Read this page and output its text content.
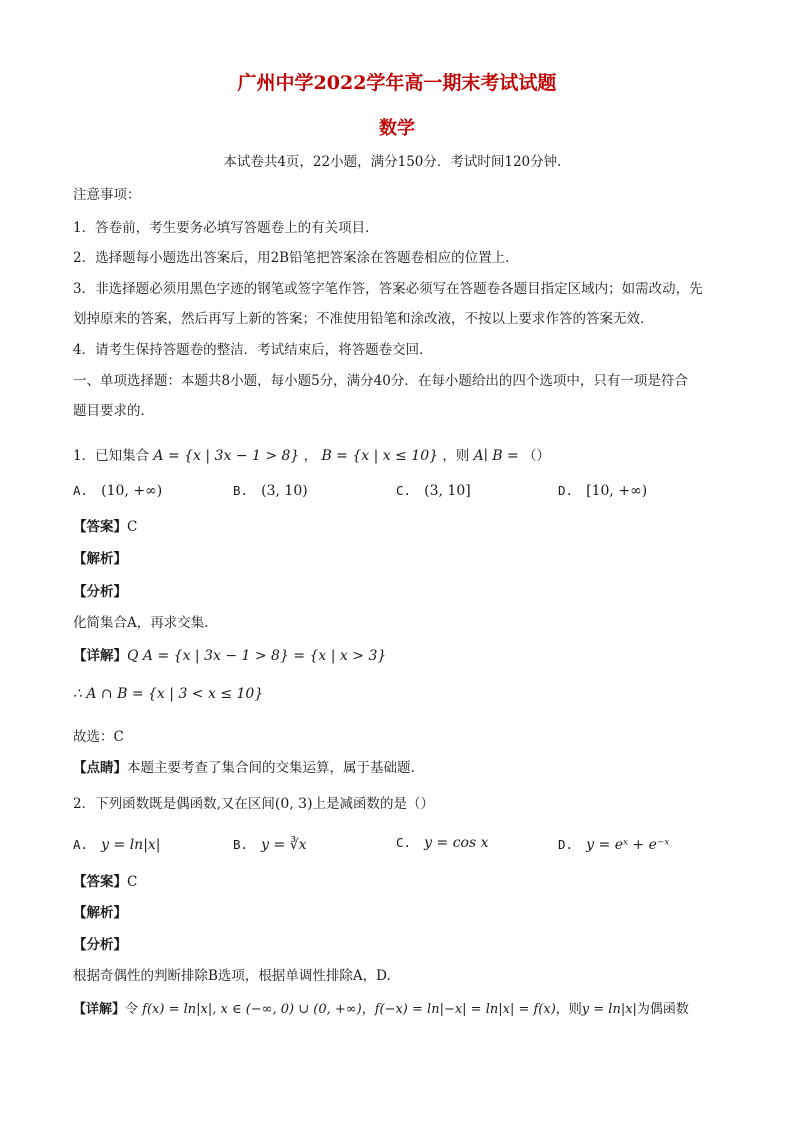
广州中学2022学年高一期末考试试题
数学
本试卷共4页，22小题，满分150分．考试时间120分钟．
注意事项：
1．答卷前，考生要务必填写答题卷上的有关项目．
2．选择题每小题选出答案后，用2B铅笔把答案涂在答题卷相应的位置上．
3．非选择题必须用黑色字迹的钢笔或签字笔作答，答案必须写在答题卷各题目指定区域内；如需改动，先
划掉原来的答案，然后再写上新的答案；不准使用铅笔和涂改液，不按以上要求作答的答案无效．
4．请考生保持答题卷的整洁．考试结束后，将答题卷交回．
一、单项选择题：本题共8小题，每小题5分，满分40分．在每小题给出的四个选项中，只有一项是符合
题目要求的．
1．已知集合 A = {x | 3x − 1 > 8} ， B = {x | x ≤ 10} ，则 A∣ B = （）
A. (10, +∞)	B. (3, 10)	C. (3, 10]	D. [10, +∞)
【答案】C
【解析】
【分析】
化简集合A，再求交集.
【详解】Q A = {x | 3x − 1 > 8} = {x | x > 3}
∴ A ∩ B = {x | 3 < x ≤ 10}
故选：C
【点睛】本题主要考查了集合间的交集运算，属于基础题.
2．下列函数既是偶函数,又在区间(0, 3)上是减函数的是（）
A. y = ln|x|	B. y = ∛x	C. y = cos x	D. y = eˣ + e⁻ˣ
【答案】C
【解析】
【分析】
根据奇偶性的判断排除B选项，根据单调性排除A，D.
【详解】令 f(x) = ln|x|, x ∈ (−∞, 0) ∪ (0, +∞)，f(−x) = ln|−x| = ln|x| = f(x)，则y = ln|x|为偶函数
